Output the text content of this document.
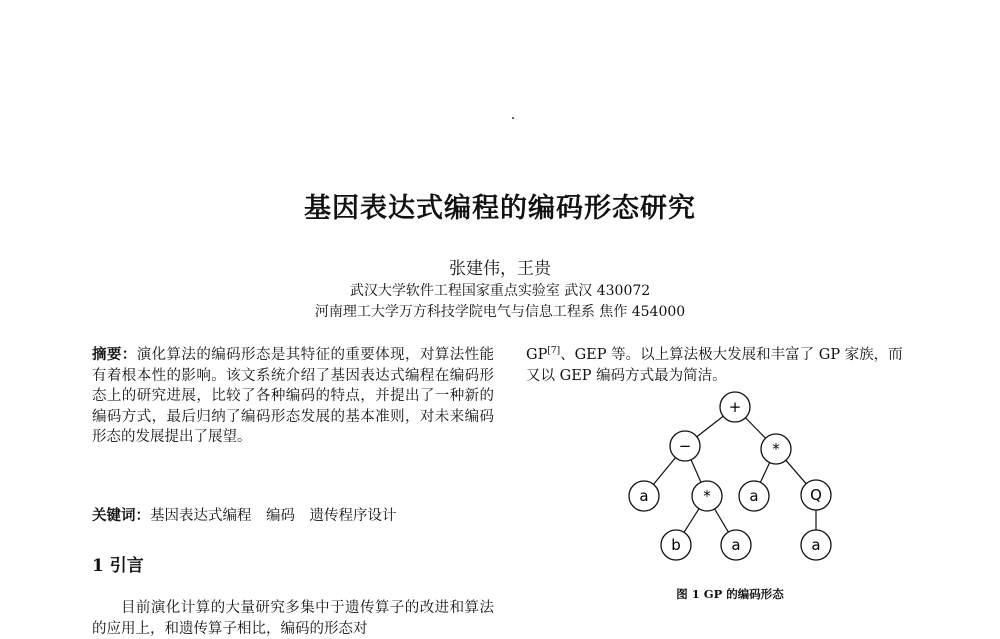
基因表达式编程的编码形态研究
张建伟，王贵
武汉大学软件工程国家重点实验室 武汉 430072
河南理工大学万方科技学院电气与信息工程系 焦作 454000
摘要：演化算法的编码形态是其特征的重要体现，对算法性能有着根本性的影响。该文系统介绍了基因表达式编程在编码形态上的研究进展，比较了各种编码的特点，并提出了一种新的编码方式，最后归纳了编码形态发展的基本准则，对未来编码形态的发展提出了展望。
关键词：基因表达式编程　编码　遗传程序设计
1 引言
目前演化计算的大量研究多集中于遗传算子的改进和算法的应用上，和遗传算子相比，编码的形态对
GP[7]、GEP 等。以上算法极大发展和丰富了 GP 家族，而又以 GEP 编码方式最为简洁。
+
−	*
a	*	a	Q
b	a	a
图 1 GP 的编码形态
